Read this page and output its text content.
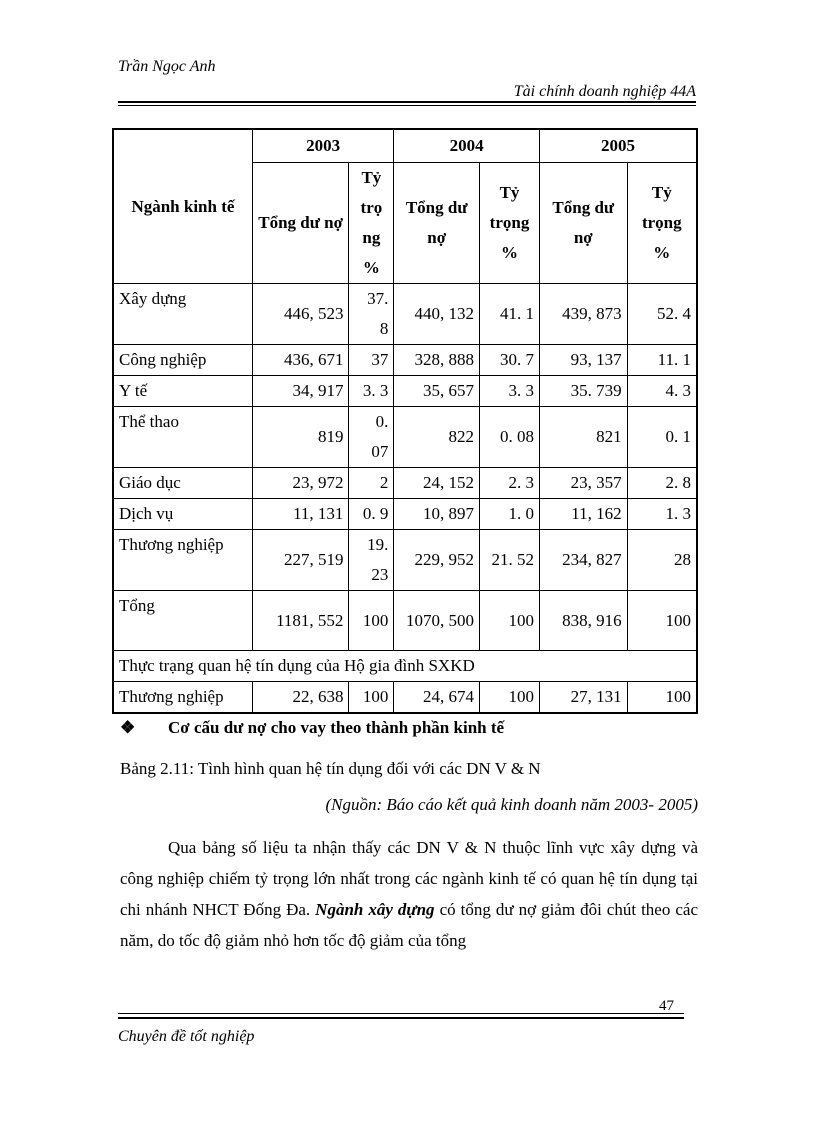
Trần Ngọc Anh
Tài chính doanh nghiệp 44A
Ngành kinh tế	2003		2004		2005	
	Tổng dư nợ	Tỷ trọ ng %	Tổng dư nợ	Tỷ trọng %	Tổng dư nợ	Tỷ trọng %
Xây dựng	446, 523	37. 8	440, 132	41. 1	439, 873	52. 4
Công nghiệp	436, 671	37	328, 888	30. 7	93, 137	11. 1
Y tế	34, 917	3. 3	35, 657	3. 3	35. 739	4. 3
Thể thao	819	0. 07	822	0. 08	821	0. 1
Giáo dục	23, 972	2	24, 152	2. 3	23, 357	2. 8
Dịch vụ	11, 131	0. 9	10, 897	1. 0	11, 162	1. 3
Thương nghiệp	227, 519	19. 23	229, 952	21. 52	234, 827	28
Tổng	1181, 552	100	1070, 500	100	838, 916	100
Thực trạng quan hệ tín dụng của Hộ gia đình SXKD						
Thương nghiệp	22, 638	100	24, 674	100	27, 131	100
❖ Cơ cấu dư nợ cho vay theo thành phần kinh tế
Bảng 2.11: Tình hình quan hệ tín dụng đối với các DN V & N
(Nguồn: Báo cáo kết quả kinh doanh năm 2003- 2005)

Qua bảng số liệu ta nhận thấy các DN V & N thuộc lĩnh vực xây dựng và công nghiệp chiếm tỷ trọng lớn nhất trong các ngành kinh tế có quan hệ tín dụng tại chi nhánh NHCT Đống Đa. Ngành xây dựng có tổng dư nợ giảm đôi chút theo các năm, do tốc độ giảm nhỏ hơn tốc độ giảm của tổng

47
Chuyên đề tốt nghiệp
